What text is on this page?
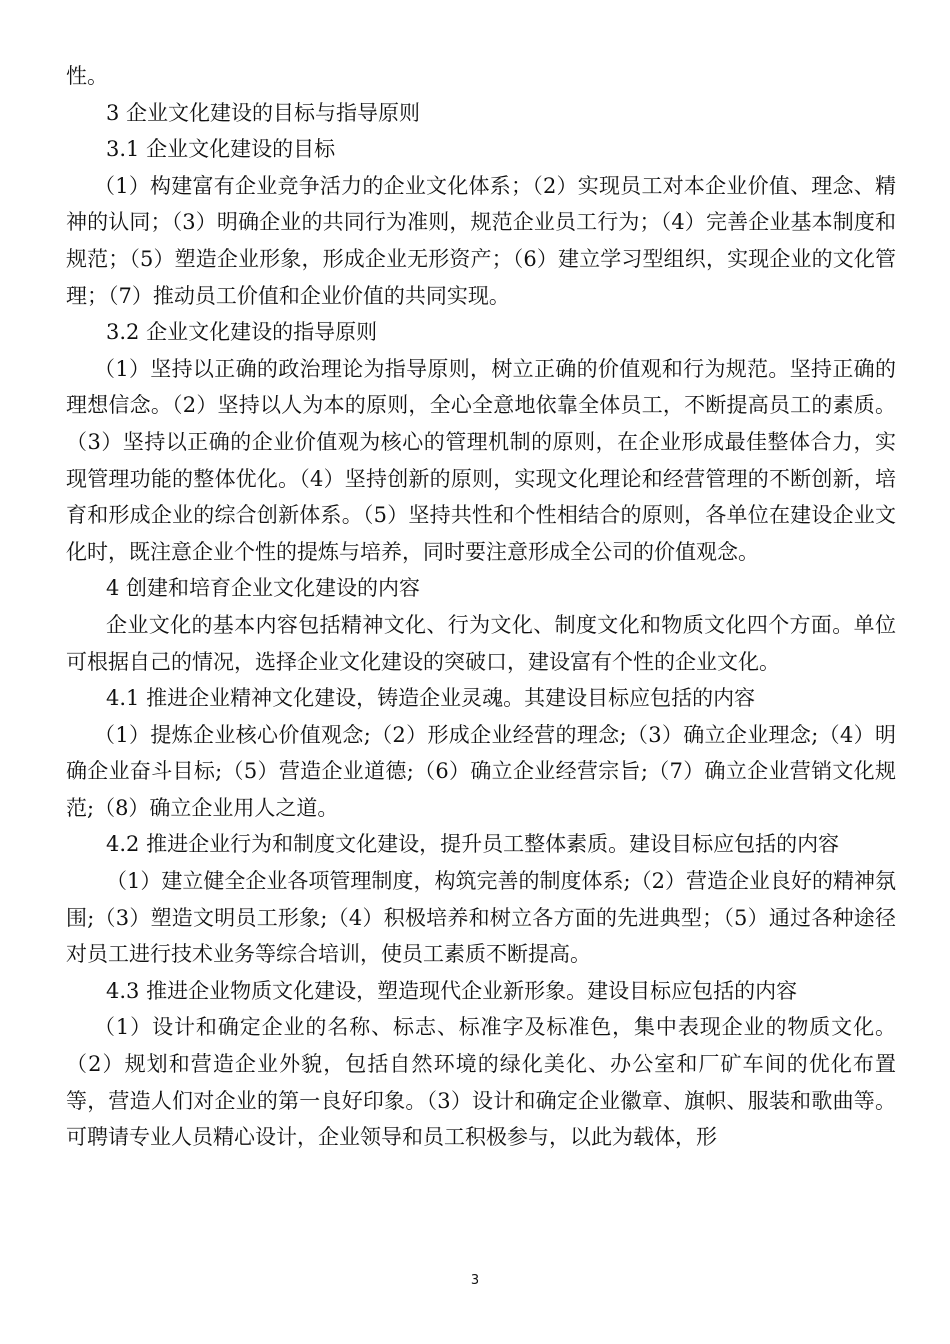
性。

3 企业文化建设的目标与指导原则

3.1 企业文化建设的目标

（1）构建富有企业竞争活力的企业文化体系；（2）实现员工对本企业价值、理念、精神的认同；（3）明确企业的共同行为准则，规范企业员工行为；（4）完善企业基本制度和规范；（5）塑造企业形象，形成企业无形资产；（6）建立学习型组织，实现企业的文化管理；（7）推动员工价值和企业价值的共同实现。

3.2 企业文化建设的指导原则

（1）坚持以正确的政治理论为指导原则，树立正确的价值观和行为规范。坚持正确的理想信念。（2）坚持以人为本的原则，全心全意地依靠全体员工，不断提高员工的素质。（3）坚持以正确的企业价值观为核心的管理机制的原则，在企业形成最佳整体合力，实现管理功能的整体优化。（4）坚持创新的原则，实现文化理论和经营管理的不断创新，培育和形成企业的综合创新体系。（5）坚持共性和个性相结合的原则，各单位在建设企业文化时，既注意企业个性的提炼与培养，同时要注意形成全公司的价值观念。

4 创建和培育企业文化建设的内容

企业文化的基本内容包括精神文化、行为文化、制度文化和物质文化四个方面。单位可根据自己的情况，选择企业文化建设的突破口，建设富有个性的企业文化。

4.1 推进企业精神文化建设，铸造企业灵魂。其建设目标应包括的内容

（1）提炼企业核心价值观念;（2）形成企业经营的理念;（3）确立企业理念;（4）明确企业奋斗目标;（5）营造企业道德;（6）确立企业经营宗旨;（7）确立企业营销文化规范;（8）确立企业用人之道。

4.2 推进企业行为和制度文化建设，提升员工整体素质。建设目标应包括的内容

（1）建立健全企业各项管理制度，构筑完善的制度体系;（2）营造企业良好的精神氛围;（3）塑造文明员工形象;（4）积极培养和树立各方面的先进典型；（5）通过各种途径对员工进行技术业务等综合培训，使员工素质不断提高。

4.3 推进企业物质文化建设，塑造现代企业新形象。建设目标应包括的内容

（1）设计和确定企业的名称、标志、标准字及标准色，集中表现企业的物质文化。（2）规划和营造企业外貌，包括自然环境的绿化美化、办公室和厂矿车间的优化布置等，营造人们对企业的第一良好印象。（3）设计和确定企业徽章、旗帜、服装和歌曲等。可聘请专业人员精心设计，企业领导和员工积极参与，以此为载体，形

3
